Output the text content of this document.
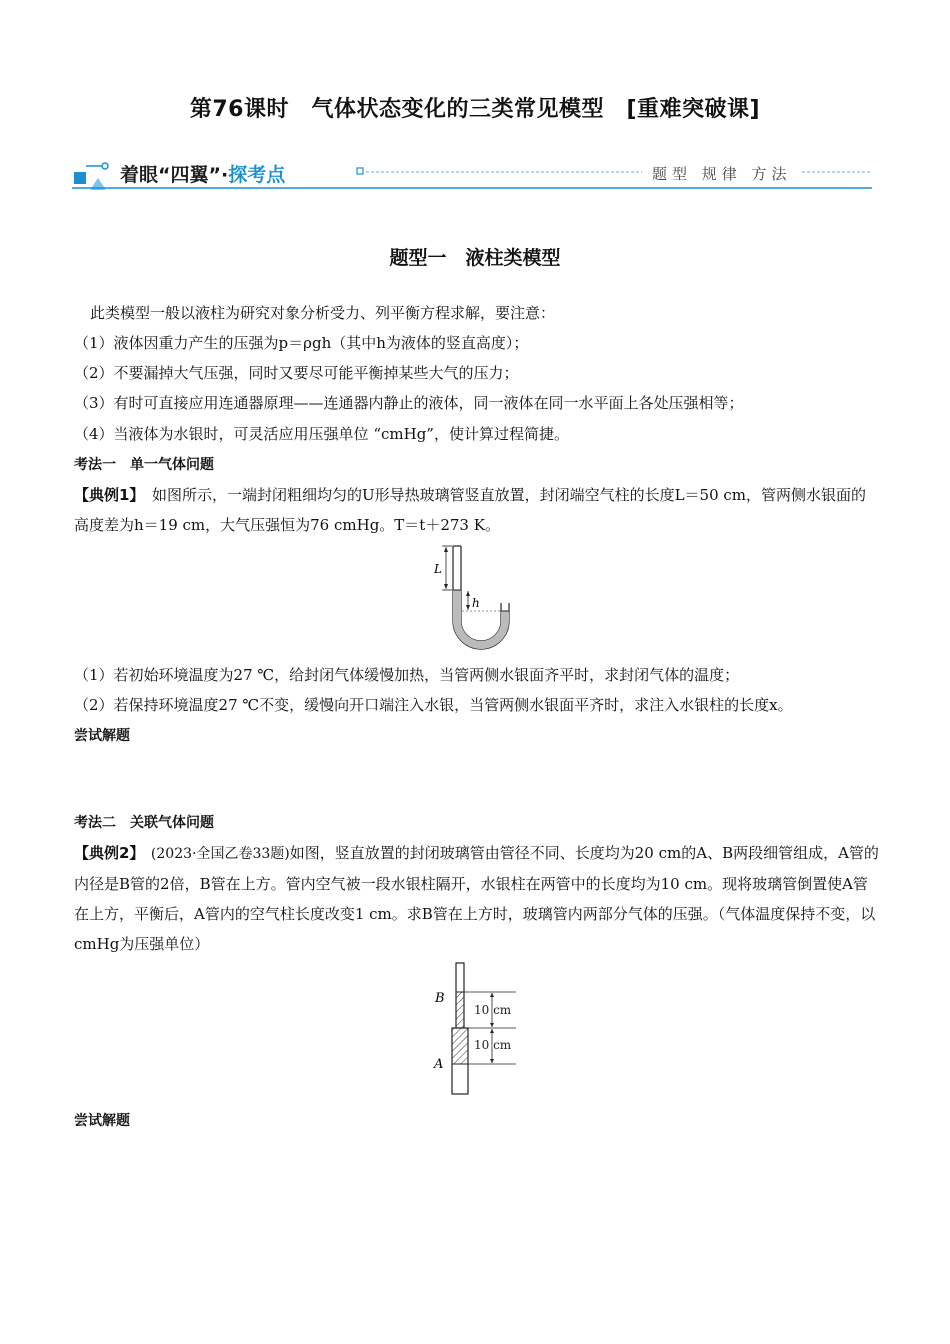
第76课时　气体状态变化的三类常见模型　[重难突破课]
着眼“四翼”·探考点	题型 规律 方法
题型一　液柱类模型
此类模型一般以液柱为研究对象分析受力、列平衡方程求解，要注意：
（1）液体因重力产生的压强为p＝ρgh（其中h为液体的竖直高度）；
（2）不要漏掉大气压强，同时又要尽可能平衡掉某些大气的压力；
（3）有时可直接应用连通器原理——连通器内静止的液体，同一液体在同一水平面上各处压强相等；
（4）当液体为水银时，可灵活应用压强单位 “cmHg”，使计算过程简捷。
考法一　单一气体问题
【典例1】　如图所示，一端封闭粗细均匀的U形导热玻璃管竖直放置，封闭端空气柱的长度L＝50 cm，管两侧水银面的高度差为h＝19 cm，大气压强恒为76 cmHg。T＝t＋273 K。
L
h
（1）若初始环境温度为27 ℃，给封闭气体缓慢加热，当管两侧水银面齐平时，求封闭气体的温度；
（2）若保持环境温度27 ℃不变，缓慢向开口端注入水银，当管两侧水银面平齐时，求注入水银柱的长度x。
尝试解题
考法二　关联气体问题
【典例2】　(2023·全国乙卷33题)如图，竖直放置的封闭玻璃管由管径不同、长度均为20 cm的A、B两段细管组成，A管的内径是B管的2倍，B管在上方。管内空气被一段水银柱隔开，水银柱在两管中的长度均为10 cm。现将玻璃管倒置使A管在上方，平衡后，A管内的空气柱长度改变1 cm。求B管在上方时，玻璃管内两部分气体的压强。（气体温度保持不变，以cmHg为压强单位）
10 cm
10 cm
B
A
尝试解题
